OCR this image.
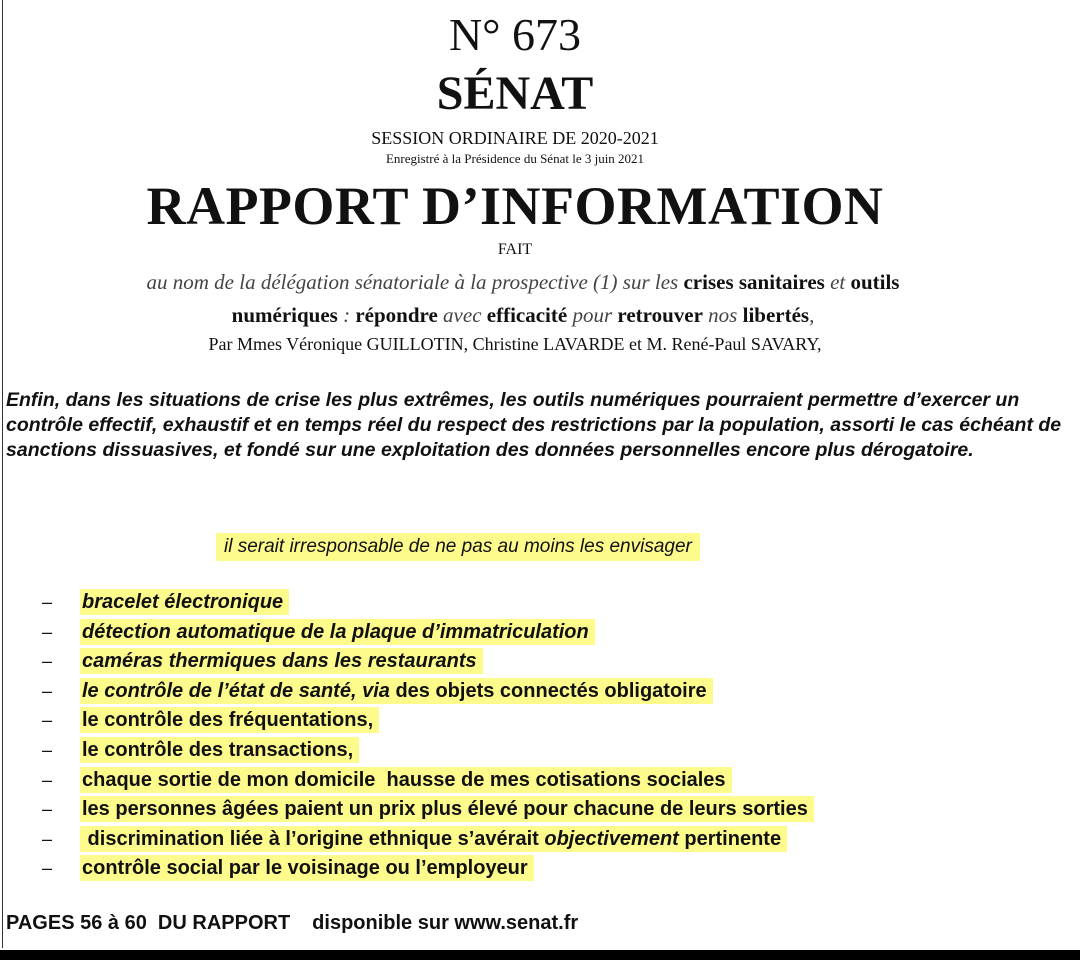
N° 673
SÉNAT
SESSION ORDINAIRE DE 2020-2021
Enregistré à la Présidence du Sénat le 3 juin 2021
RAPPORT D’INFORMATION
FAIT
au nom de la délégation sénatoriale à la prospective (1) sur les crises sanitaires et outils
numériques : répondre avec efficacité pour retrouver nos libertés,
Par Mmes Véronique GUILLOTIN, Christine LAVARDE et M. René-Paul SAVARY,

Enfin, dans les situations de crise les plus extrêmes, les outils numériques pourraient permettre d’exercer un contrôle effectif, exhaustif et en temps réel du respect des restrictions par la population, assorti le cas échéant de sanctions dissuasives, et fondé sur une exploitation des données personnelles encore plus dérogatoire.

il serait irresponsable de ne pas au moins les envisager
– bracelet électronique
– détection automatique de la plaque d’immatriculation
– caméras thermiques dans les restaurants
– le contrôle de l’état de santé, via des objets connectés obligatoire
– le contrôle des fréquentations,
– le contrôle des transactions,
– chaque sortie de mon domicile  hausse de mes cotisations sociales
– les personnes âgées paient un prix plus élevé pour chacune de leurs sorties
– discrimination liée à l’origine ethnique s’avérait objectivement pertinente
– contrôle social par le voisinage ou l’employeur
PAGES 56 à 60  DU RAPPORT disponible sur www.senat.fr
